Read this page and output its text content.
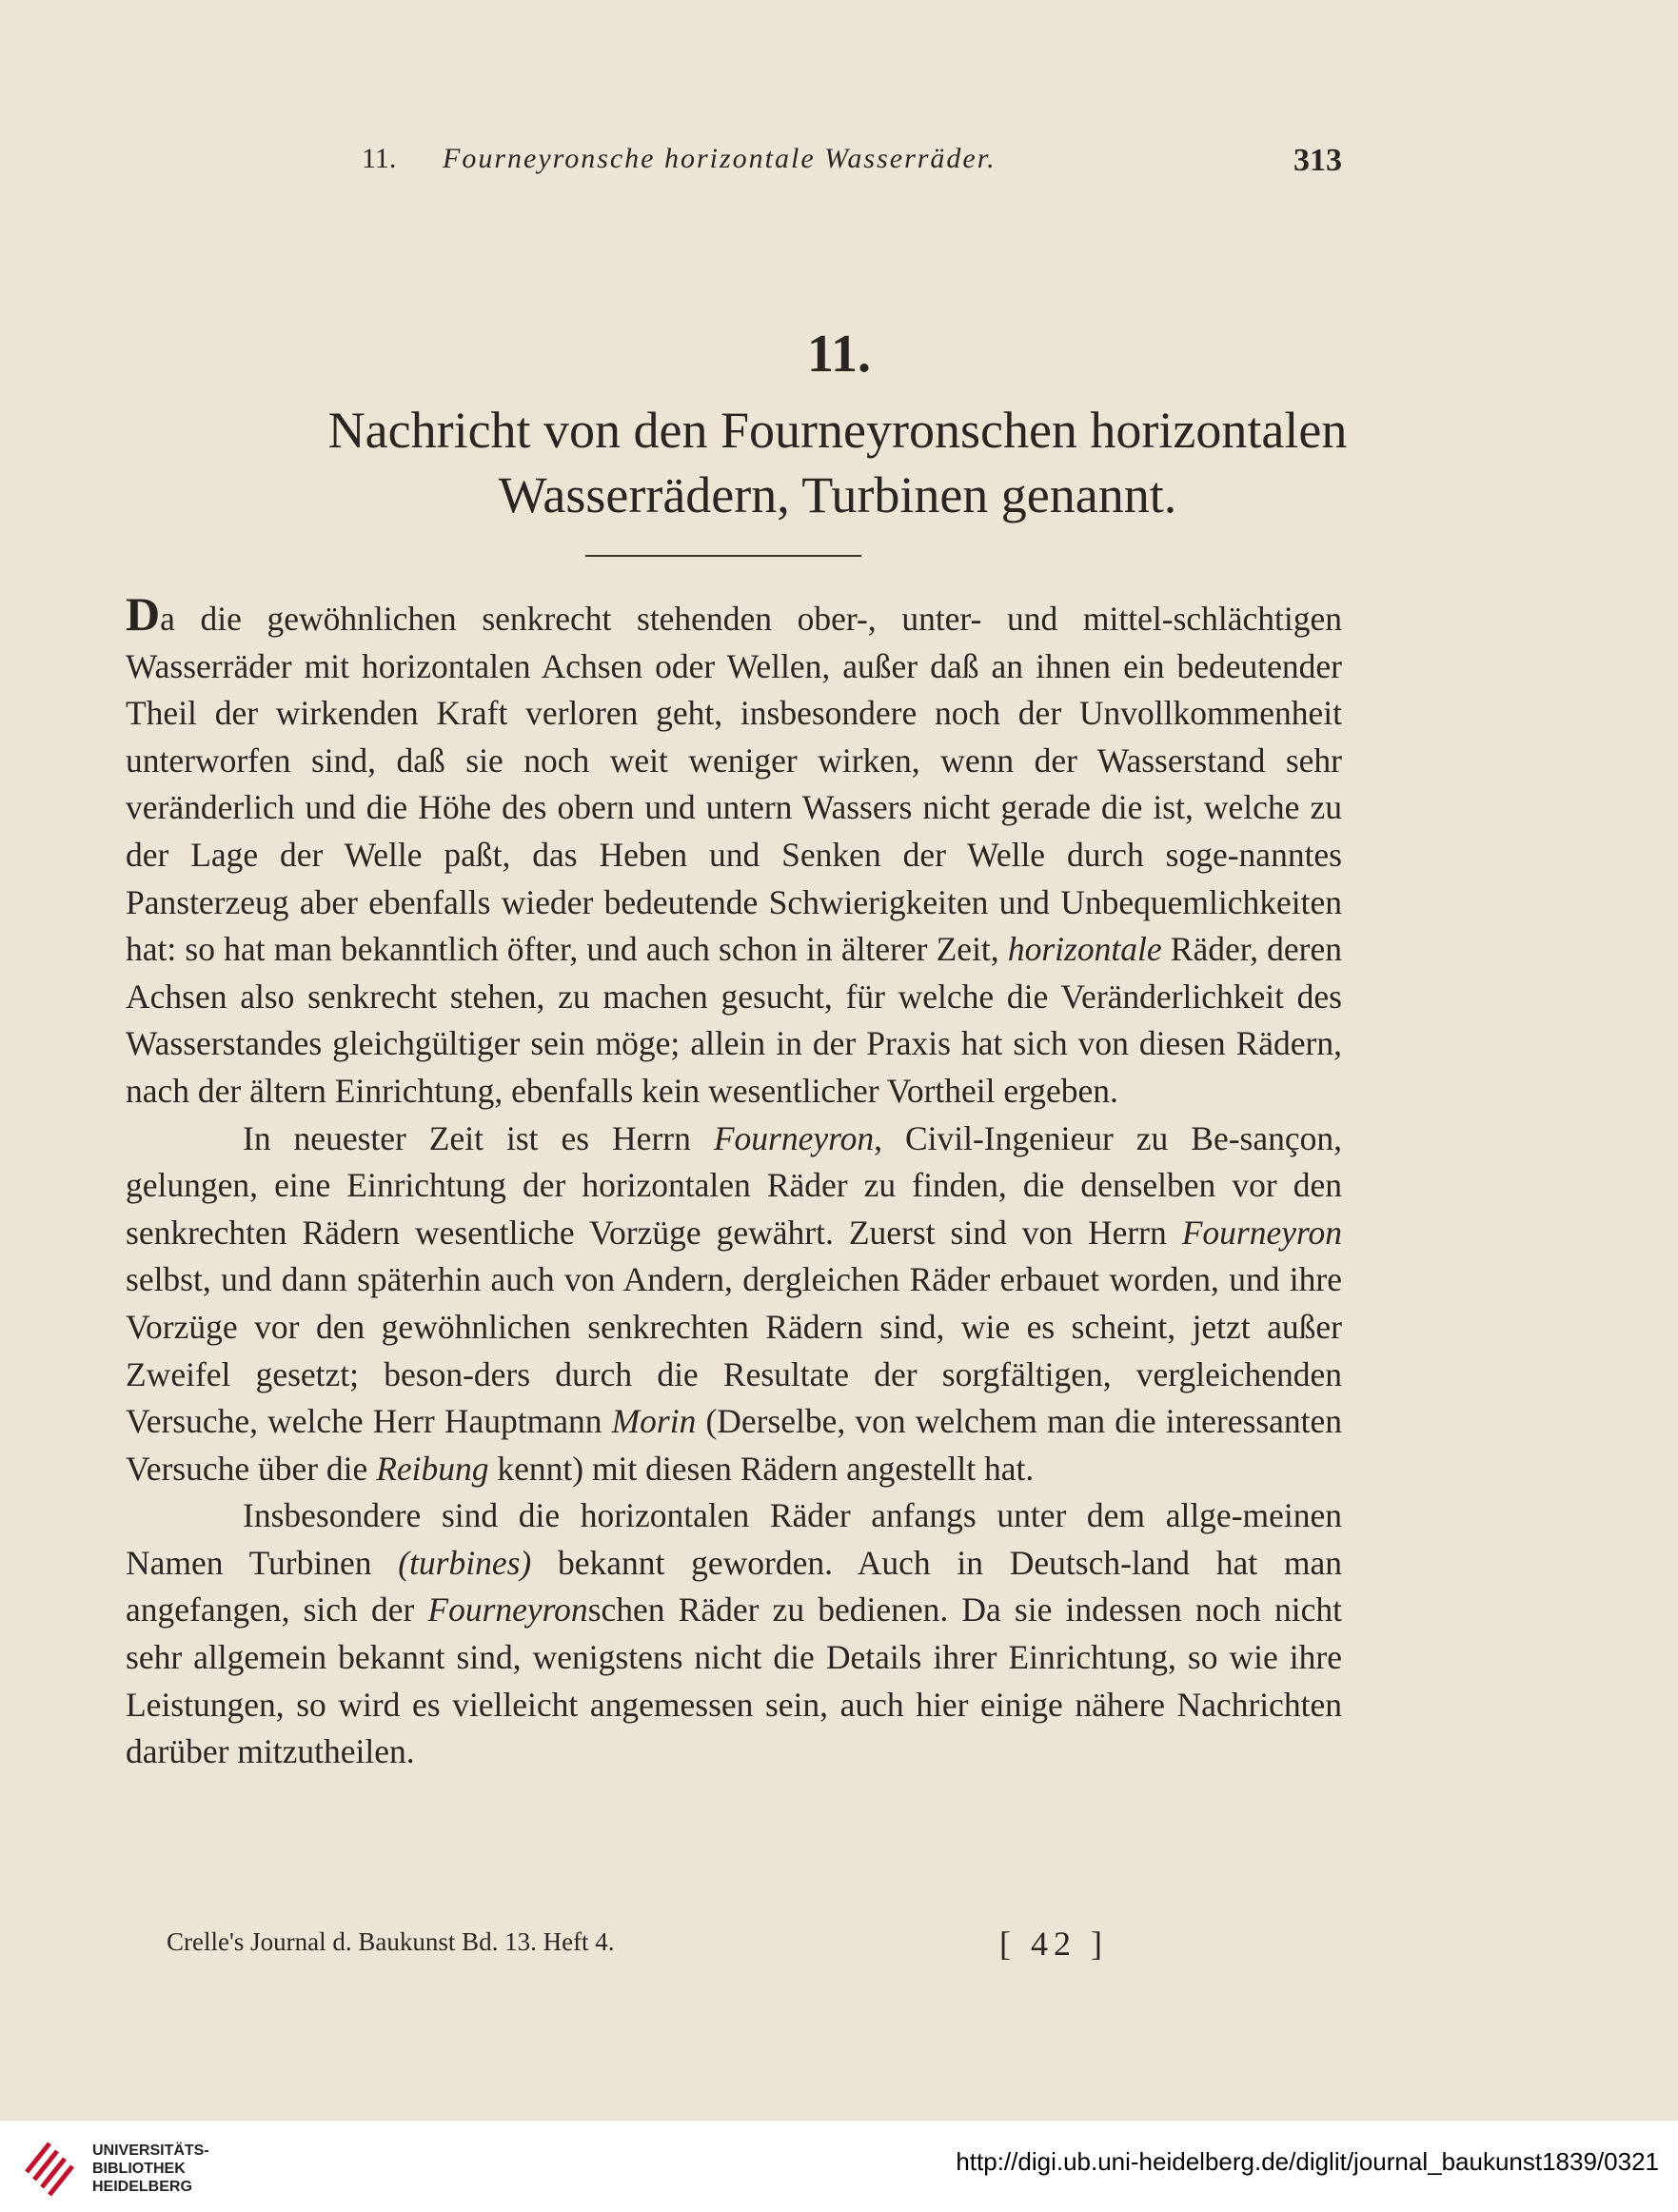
11. Fourneyronsche horizontale Wasserräder.	313
11.
Nachricht von den Fourneyronschen horizontalen
Wasserrädern, Turbinen genannt.

Da die gewöhnlichen senkrecht stehenden ober-, unter- und mittel-schlächtigen Wasserräder mit horizontalen Achsen oder Wellen, außer daß an ihnen ein bedeutender Theil der wirkenden Kraft verloren geht, insbesondere noch der Unvollkommenheit unterworfen sind, daß sie noch weit weniger wirken, wenn der Wasserstand sehr veränderlich und die Höhe des obern und untern Wassers nicht gerade die ist, welche zu der Lage der Welle paßt, das Heben und Senken der Welle durch soge-nanntes Pansterzeug aber ebenfalls wieder bedeutende Schwierigkeiten und Unbequemlichkeiten hat: so hat man bekanntlich öfter, und auch schon in älterer Zeit, horizontale Räder, deren Achsen also senkrecht stehen, zu machen gesucht, für welche die Veränderlichkeit des Wasserstandes gleichgültiger sein möge; allein in der Praxis hat sich von diesen Rädern, nach der ältern Einrichtung, ebenfalls kein wesentlicher Vortheil ergeben.

In neuester Zeit ist es Herrn Fourneyron, Civil-Ingenieur zu Be-sançon, gelungen, eine Einrichtung der horizontalen Räder zu finden, die denselben vor den senkrechten Rädern wesentliche Vorzüge gewährt. Zuerst sind von Herrn Fourneyron selbst, und dann späterhin auch von Andern, dergleichen Räder erbauet worden, und ihre Vorzüge vor den gewöhnlichen senkrechten Rädern sind, wie es scheint, jetzt außer Zweifel gesetzt; beson-ders durch die Resultate der sorgfältigen, vergleichenden Versuche, welche Herr Hauptmann Morin (Derselbe, von welchem man die interessanten Versuche über die Reibung kennt) mit diesen Rädern angestellt hat.

Insbesondere sind die horizontalen Räder anfangs unter dem allge-meinen Namen Turbinen (turbines) bekannt geworden. Auch in Deutsch-land hat man angefangen, sich der Fourneyronschen Räder zu bedienen. Da sie indessen noch nicht sehr allgemein bekannt sind, wenigstens nicht die Details ihrer Einrichtung, so wie ihre Leistungen, so wird es vielleicht angemessen sein, auch hier einige nähere Nachrichten darüber mitzutheilen.

Crelle's Journal d. Baukunst Bd. 13. Heft 4.	[ 42 ]
UNIVERSITÄTS-
BIBLIOTHEK
HEIDELBERG
http://digi.ub.uni-heidelberg.de/diglit/journal_baukunst1839/0321
